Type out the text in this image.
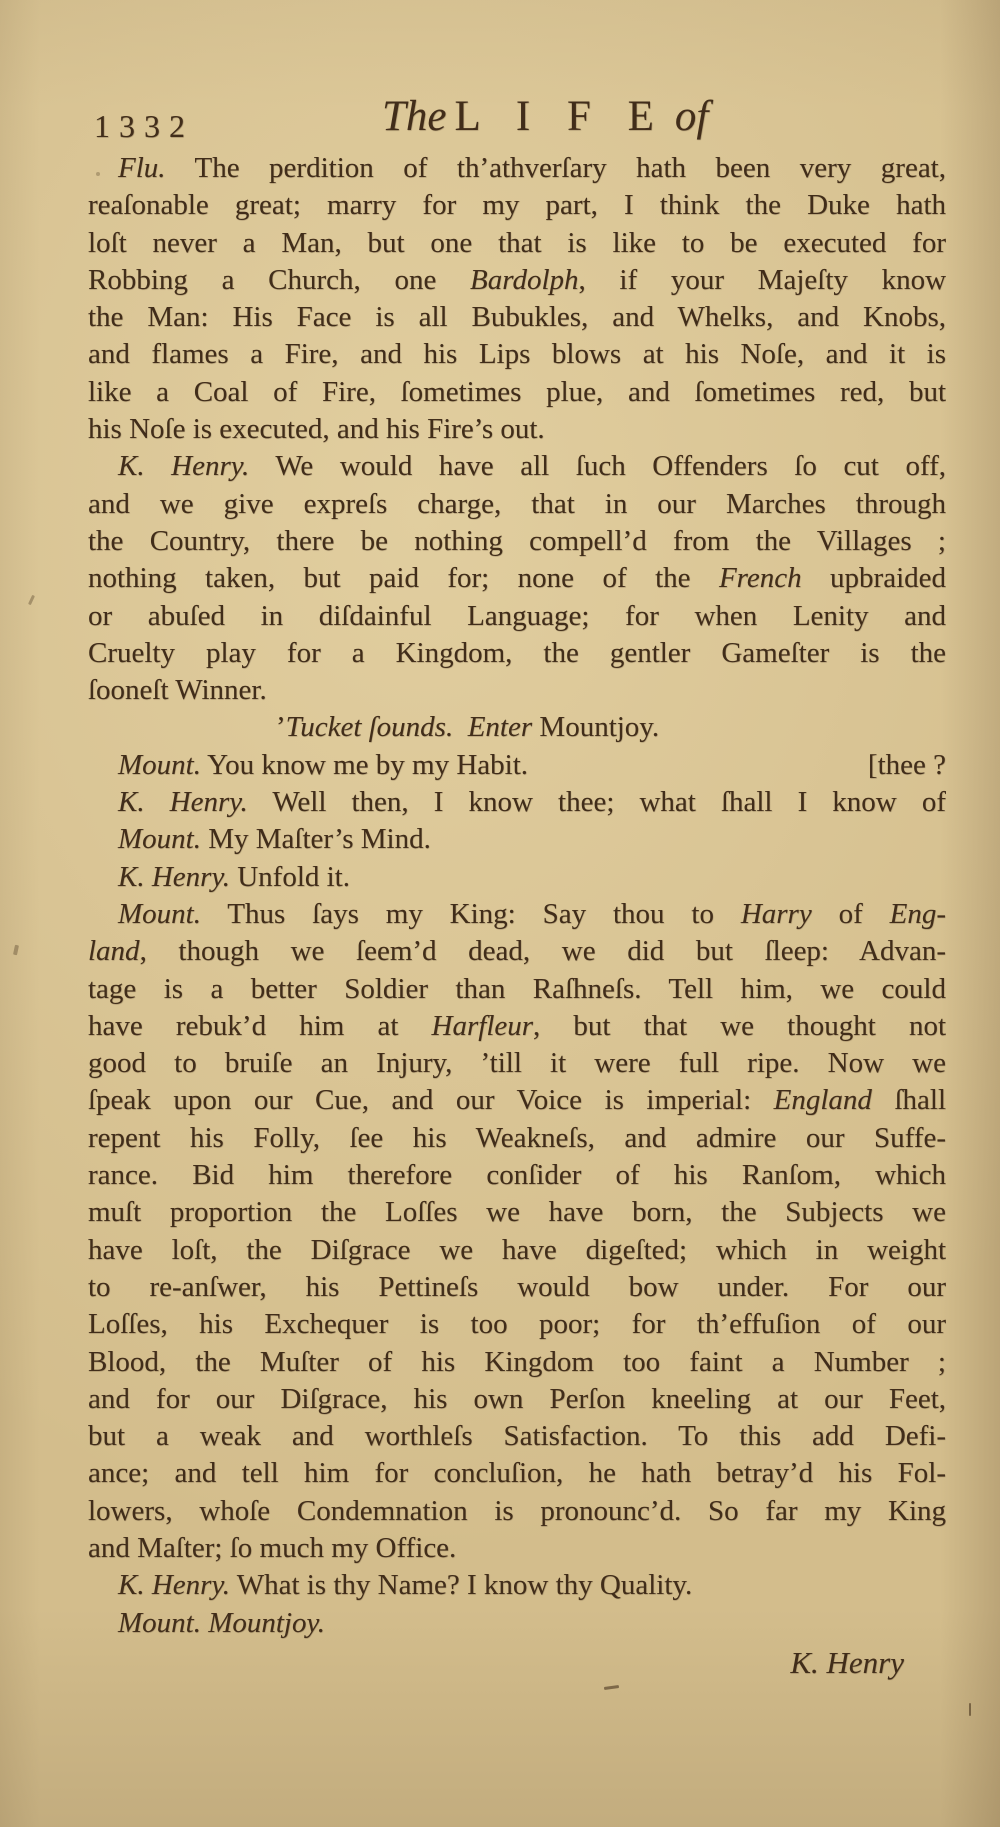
1332	The L I F E of
Flu. The perdition of th’athverſary hath been very great,
reaſonable great; marry for my part, I think the Duke hath
loſt never a Man, but one that is like to be executed for
Robbing a Church, one Bardolph, if your Majeſty know
the Man: His Face is all Bubukles, and Whelks, and Knobs,
and flames a Fire, and his Lips blows at his Noſe, and it is
like a Coal of Fire, ſometimes plue, and ſometimes red, but
his Noſe is executed, and his Fire’s out.
K. Henry. We would have all ſuch Offenders ſo cut off,
and we give expreſs charge, that in our Marches through
the Country, there be nothing compell’d from the Villages ;
nothing taken, but paid for; none of the French upbraided
or abuſed in diſdainful Language; for when Lenity and
Cruelty play for a Kingdom, the gentler Gameſter is the
ſooneſt Winner.
’Tucket ſounds.  Enter Mountjoy.
Mount. You know me by my Habit.	[thee ?
K. Henry. Well then, I know thee; what ſhall I know of
Mount. My Maſter’s Mind.
K. Henry. Unfold it.
Mount. Thus ſays my King: Say thou to Harry of Eng-
land, though we ſeem’d dead, we did but ſleep: Advan-
tage is a better Soldier than Raſhneſs. Tell him, we could
have rebuk’d him at Harfleur, but that we thought not
good to bruiſe an Injury, ’till it were full ripe. Now we
ſpeak upon our Cue, and our Voice is imperial: England ſhall
repent his Folly, ſee his Weakneſs, and admire our Suffe-
rance. Bid him therefore conſider of his Ranſom, which
muſt proportion the Loſſes we have born, the Subjects we
have loſt, the Diſgrace we have digeſted; which in weight
to re-anſwer, his Pettineſs would bow under. For our
Loſſes, his Exchequer is too poor; for th’effuſion of our
Blood, the Muſter of his Kingdom too faint a Number ;
and for our Diſgrace, his own Perſon kneeling at our Feet,
but a weak and worthleſs Satisfaction. To this add Defi-
ance; and tell him for concluſion, he hath betray’d his Fol-
lowers, whoſe Condemnation is pronounc’d. So far my King
and Maſter; ſo much my Office.
K. Henry. What is thy Name? I know thy Quality.
Mount. Mountjoy.
K. Henry
